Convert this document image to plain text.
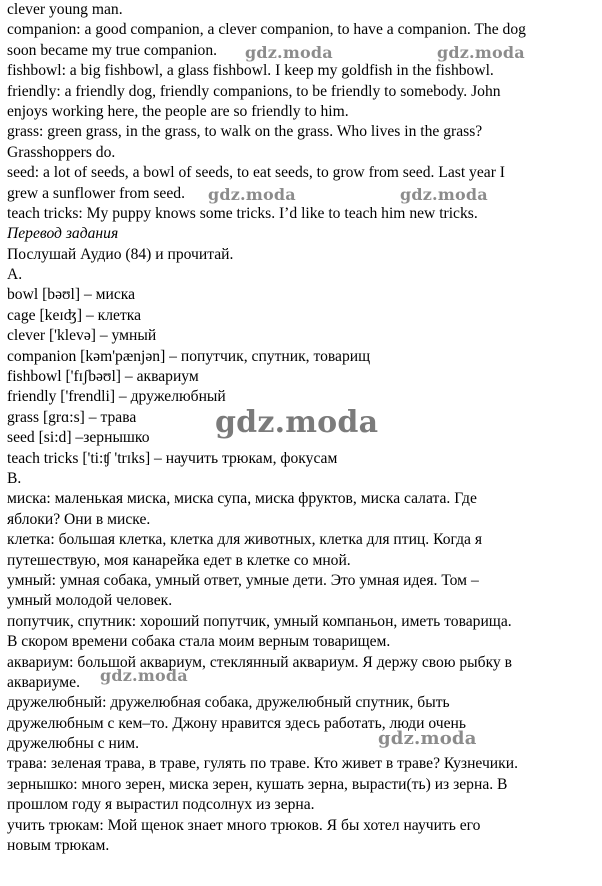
clever young man.
companion: a good companion, a clever companion, to have a companion. The dog
soon became my true companion.
fishbowl: a big fishbowl, a glass fishbowl. I keep my goldfish in the fishbowl.
friendly: a friendly dog, friendly companions, to be friendly to somebody. John
enjoys working here, the people are so friendly to him.
grass: green grass, in the grass, to walk on the grass. Who lives in the grass?
Grasshoppers do.
seed: a lot of seeds, a bowl of seeds, to eat seeds, to grow from seed. Last year I
grew a sunflower from seed.
teach tricks: My puppy knows some tricks. I’d like to teach him new tricks.
Перевод задания
Послушай Аудио (84) и прочитай.
A.
bowl [bəʊl] – миска
cage [keɪʤ] – клетка
clever ['klevə] – умный
companion [kəm'pænjən] – попутчик, спутник, товарищ
fishbowl ['fɪʃbəʊl] – аквариум
friendly ['frendli] – дружелюбный
grass [grɑ:s] – трава
seed [si:d] –зернышко
teach tricks ['ti:ʧ 'trɪks] – научить трюкам, фокусам
B.
миска: маленькая миска, миска супа, миска фруктов, миска салата. Где
яблоки? Они в миске.
клетка: большая клетка, клетка для животных, клетка для птиц. Когда я
путешествую, моя канарейка едет в клетке со мной.
умный: умная собака, умный ответ, умные дети. Это умная идея. Том –
умный молодой человек.
попутчик, спутник: хороший попутчик, умный компаньон, иметь товарища.
В скором времени собака стала моим верным товарищем.
аквариум: большой аквариум, стеклянный аквариум. Я держу свою рыбку в
аквариуме.
дружелюбный: дружелюбная собака, дружелюбный спутник, быть
дружелюбным с кем–то. Джону нравится здесь работать, люди очень
дружелюбны с ним.
трава: зеленая трава, в траве, гулять по траве. Кто живет в траве? Кузнечики.
зернышко: много зерен, миска зерен, кушать зерна, вырасти(ть) из зерна. В
прошлом году я вырастил подсолнух из зерна.
учить трюкам: Мой щенок знает много трюков. Я бы хотел научить его
новым трюкам.
gdz.moda	gdz.moda
gdz.moda	gdz.moda
gdz.moda
gdz.moda
gdz.moda
